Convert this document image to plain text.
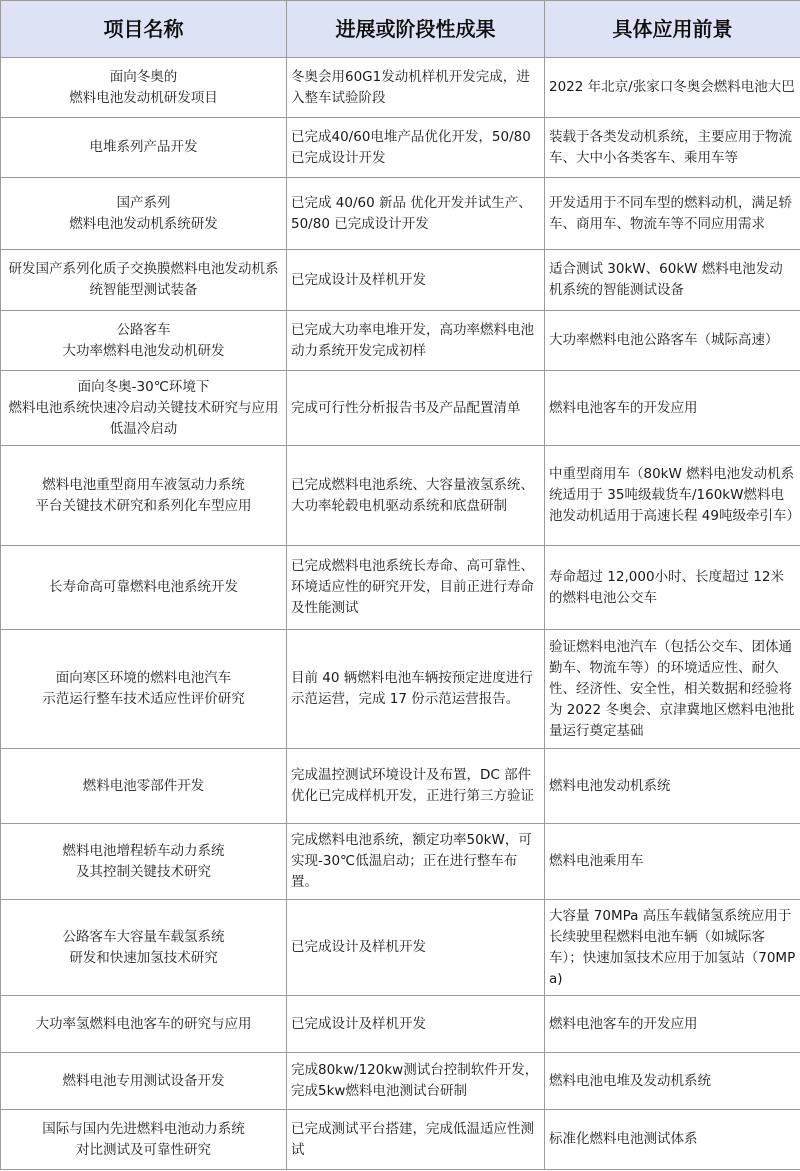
项目名称	进展或阶段性成果	具体应用前景
面向冬奥的
燃料电池发动机研发项目	冬奥会用60G1发动机样机开发完成，进入整车试验阶段	2022 年北京/张家口冬奥会燃料电池大巴
电堆系列产品开发	已完成40/60电堆产品优化开发，50/80已完成设计开发	装载于各类发动机系统，主要应用于物流车、大中小各类客车、乘用车等
国产系列
燃料电池发动机系统研发	已完成 40/60 新品 优化开发并试生产、50/80 已完成设计开发	开发适用于不同车型的燃料动机，满足轿车、商用车、物流车等不同应用需求
研发国产系列化质子交换膜燃料电池发动机系统智能型测试装备	已完成设计及样机开发	适合测试 30kW、60kW 燃料电池发动机系统的智能测试设备
公路客车
大功率燃料电池发动机研发	已完成大功率电堆开发，高功率燃料电池动力系统开发完成初样	大功率燃料电池公路客车（城际高速）
面向冬奥-30℃环境下
燃料电池系统快速冷启动关键技术研究与应用低温冷启动	完成可行性分析报告书及产品配置清单	燃料电池客车的开发应用
燃料电池重型商用车液氢动力系统
平台关键技术研究和系列化车型应用	已完成燃料电池系统、大容量液氢系统、大功率轮毂电机驱动系统和底盘研制	中重型商用车（80kW 燃料电池发动机系统适用于 35吨级载货车/160kW燃料电池发动机适用于高速长程 49吨级牵引车）
长寿命高可靠燃料电池系统开发	已完成燃料电池系统长寿命、高可靠性、环境适应性的研究开发，目前正进行寿命及性能测试	寿命超过 12,000小时、长度超过 12米的燃料电池公交车
面向寒区环境的燃料电池汽车
示范运行整车技术适应性评价研究	目前 40 辆燃料电池车辆按预定进度进行示范运营，完成 17 份示范运营报告。	验证燃料电池汽车（包括公交车、团体通勤车、物流车等）的环境适应性、耐久性、经济性、安全性，相关数据和经验将为 2022 冬奥会、京津冀地区燃料电池批量运行奠定基础
燃料电池零部件开发	完成温控测试环境设计及布置，DC 部件优化已完成样机开发，正进行第三方验证	燃料电池发动机系统
燃料电池增程轿车动力系统
及其控制关键技术研究	完成燃料电池系统，额定功率50kW，可实现-30℃低温启动；正在进行整车布置。	燃料电池乘用车
公路客车大容量车载氢系统
研发和快速加氢技术研究	已完成设计及样机开发	大容量 70MPa 高压车载储氢系统应用于长续驶里程燃料电池车辆（如城际客车）；快速加氢技术应用于加氢站（70MPa)
大功率氢燃料电池客车的研究与应用	已完成设计及样机开发	燃料电池客车的开发应用
燃料电池专用测试设备开发	完成80kw/120kw测试台控制软件开发，完成5kw燃料电池测试台研制	燃料电池电堆及发动机系统
国际与国内先进燃料电池动力系统
对比测试及可靠性研究	已完成测试平台搭建，完成低温适应性测试	标准化燃料电池测试体系
